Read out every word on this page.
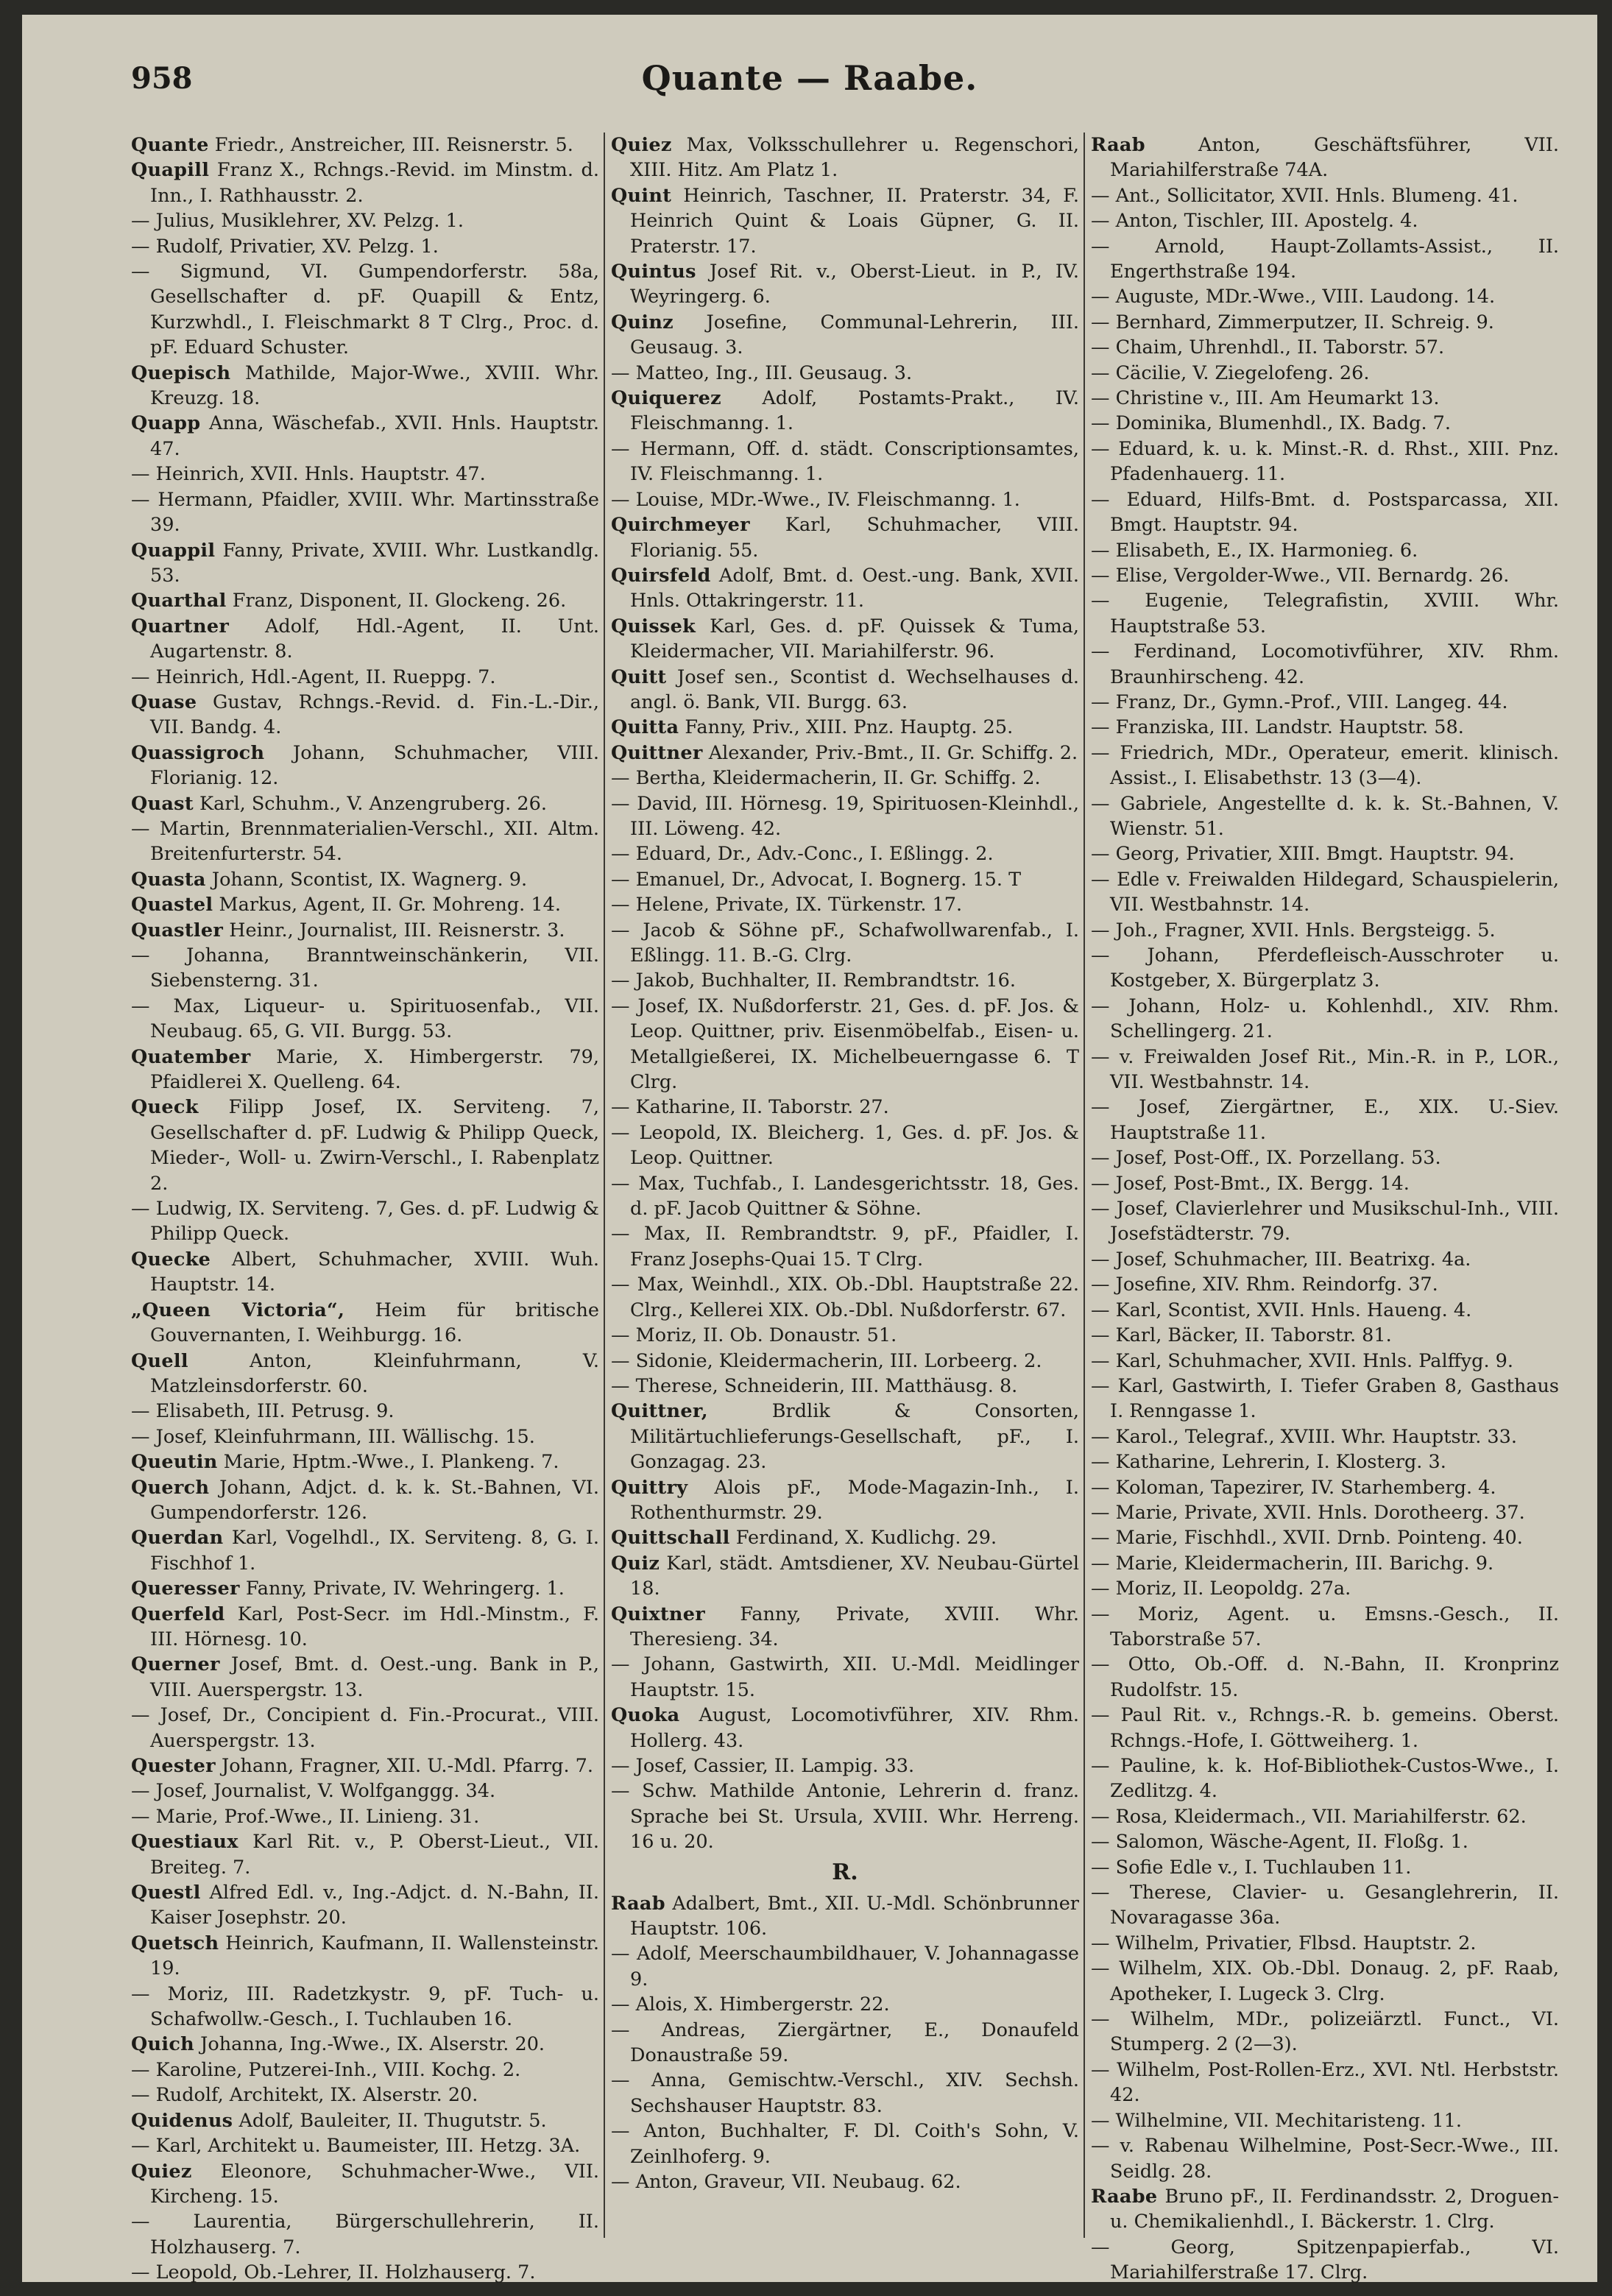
958	Quante — Raabe.
Quante Friedr., Anstreicher, III. Reisnerstr. 5.
Quapill Franz X., Rchngs.-Revid. im Minstm. d. Inn., I. Rathhausstr. 2.
— Julius, Musiklehrer, XV. Pelzg. 1.
— Rudolf, Privatier, XV. Pelzg. 1.
— Sigmund, VI. Gumpendorferstr. 58a, Gesellschafter d. pF. Quapill & Entz, Kurzwhdl., I. Fleischmarkt 8 T Clrg., Proc. d. pF. Eduard Schuster.
Quepisch Mathilde, Major-Wwe., XVIII. Whr. Kreuzg. 18.
Quapp Anna, Wäschefab., XVII. Hnls. Hauptstr. 47.
— Heinrich, XVII. Hnls. Hauptstr. 47.
— Hermann, Pfaidler, XVIII. Whr. Martinsstraße 39.
Quappil Fanny, Private, XVIII. Whr. Lustkandlg. 53.
Quarthal Franz, Disponent, II. Glockeng. 26.
Quartner Adolf, Hdl.-Agent, II. Unt. Augartenstr. 8.
— Heinrich, Hdl.-Agent, II. Rueppg. 7.
Quase Gustav, Rchngs.-Revid. d. Fin.-L.-Dir., VII. Bandg. 4.
Quassigroch Johann, Schuhmacher, VIII. Florianig. 12.
Quast Karl, Schuhm., V. Anzengruberg. 26.
— Martin, Brennmaterialien-Verschl., XII. Altm. Breitenfurterstr. 54.
Quasta Johann, Scontist, IX. Wagnerg. 9.
Quastel Markus, Agent, II. Gr. Mohreng. 14.
Quastler Heinr., Journalist, III. Reisnerstr. 3.
— Johanna, Branntweinschänkerin, VII. Siebensterng. 31.
— Max, Liqueur- u. Spirituosenfab., VII. Neubaug. 65, G. VII. Burgg. 53.
Quatember Marie, X. Himbergerstr. 79, Pfaidlerei X. Quelleng. 64.
Queck Filipp Josef, IX. Serviteng. 7, Gesellschafter d. pF. Ludwig & Philipp Queck, Mieder-, Woll- u. Zwirn-Verschl., I. Rabenplatz 2.
— Ludwig, IX. Serviteng. 7, Ges. d. pF. Ludwig & Philipp Queck.
Quecke Albert, Schuhmacher, XVIII. Wuh. Hauptstr. 14.
„Queen Victoria“, Heim für britische Gouvernanten, I. Weihburgg. 16.
Quell Anton, Kleinfuhrmann, V. Matzleinsdorferstr. 60.
— Elisabeth, III. Petrusg. 9.
— Josef, Kleinfuhrmann, III. Wällischg. 15.
Queutin Marie, Hptm.-Wwe., I. Plankeng. 7.
Querch Johann, Adjct. d. k. k. St.-Bahnen, VI. Gumpendorferstr. 126.
Querdan Karl, Vogelhdl., IX. Serviteng. 8, G. I. Fischhof 1.
Queresser Fanny, Private, IV. Wehringerg. 1.
Querfeld Karl, Post-Secr. im Hdl.-Minstm., F. III. Hörnesg. 10.
Querner Josef, Bmt. d. Oest.-ung. Bank in P., VIII. Auerspergstr. 13.
— Josef, Dr., Concipient d. Fin.-Procurat., VIII. Auerspergstr. 13.
Quester Johann, Fragner, XII. U.-Mdl. Pfarrg. 7.
— Josef, Journalist, V. Wolfganggg. 34.
— Marie, Prof.-Wwe., II. Linieng. 31.
Questiaux Karl Rit. v., P. Oberst-Lieut., VII. Breiteg. 7.
Questl Alfred Edl. v., Ing.-Adjct. d. N.-Bahn, II. Kaiser Josephstr. 20.
Quetsch Heinrich, Kaufmann, II. Wallensteinstr. 19.
— Moriz, III. Radetzkystr. 9, pF. Tuch- u. Schafwollw.-Gesch., I. Tuchlauben 16.
Quich Johanna, Ing.-Wwe., IX. Alserstr. 20.
— Karoline, Putzerei-Inh., VIII. Kochg. 2.
— Rudolf, Architekt, IX. Alserstr. 20.
Quidenus Adolf, Bauleiter, II. Thugutstr. 5.
— Karl, Architekt u. Baumeister, III. Hetzg. 3A.
Quiez Eleonore, Schuhmacher-Wwe., VII. Kircheng. 15.
— Laurentia, Bürgerschullehrerin, II. Holzhauserg. 7.
— Leopold, Ob.-Lehrer, II. Holzhauserg. 7.
Quiez Max, Volksschullehrer u. Regenschori, XIII. Hitz. Am Platz 1.
Quint Heinrich, Taschner, II. Praterstr. 34, F. Heinrich Quint & Loais Güpner, G. II. Praterstr. 17.
Quintus Josef Rit. v., Oberst-Lieut. in P., IV. Weyringerg. 6.
Quinz Josefine, Communal-Lehrerin, III. Geusaug. 3.
— Matteo, Ing., III. Geusaug. 3.
Quiquerez Adolf, Postamts-Prakt., IV. Fleischmanng. 1.
— Hermann, Off. d. städt. Conscriptionsamtes, IV. Fleischmanng. 1.
— Louise, MDr.-Wwe., IV. Fleischmanng. 1.
Quirchmeyer Karl, Schuhmacher, VIII. Florianig. 55.
Quirsfeld Adolf, Bmt. d. Oest.-ung. Bank, XVII. Hnls. Ottakringerstr. 11.
Quissek Karl, Ges. d. pF. Quissek & Tuma, Kleidermacher, VII. Mariahilferstr. 96.
Quitt Josef sen., Scontist d. Wechselhauses d. angl. ö. Bank, VII. Burgg. 63.
Quitta Fanny, Priv., XIII. Pnz. Hauptg. 25.
Quittner Alexander, Priv.-Bmt., II. Gr. Schiffg. 2.
— Bertha, Kleidermacherin, II. Gr. Schiffg. 2.
— David, III. Hörnesg. 19, Spirituosen-Kleinhdl., III. Löweng. 42.
— Eduard, Dr., Adv.-Conc., I. Eßlingg. 2.
— Emanuel, Dr., Advocat, I. Bognerg. 15. T
— Helene, Private, IX. Türkenstr. 17.
— Jacob & Söhne pF., Schafwollwarenfab., I. Eßlingg. 11. B.-G. Clrg.
— Jakob, Buchhalter, II. Rembrandtstr. 16.
— Josef, IX. Nußdorferstr. 21, Ges. d. pF. Jos. & Leop. Quittner, priv. Eisenmöbelfab., Eisen- u. Metallgießerei, IX. Michelbeuerngasse 6. T Clrg.
— Katharine, II. Taborstr. 27.
— Leopold, IX. Bleicherg. 1, Ges. d. pF. Jos. & Leop. Quittner.
— Max, Tuchfab., I. Landesgerichtsstr. 18, Ges. d. pF. Jacob Quittner & Söhne.
— Max, II. Rembrandtstr. 9, pF., Pfaidler, I. Franz Josephs-Quai 15. T Clrg.
— Max, Weinhdl., XIX. Ob.-Dbl. Hauptstraße 22. Clrg., Kellerei XIX. Ob.-Dbl. Nußdorferstr. 67.
— Moriz, II. Ob. Donaustr. 51.
— Sidonie, Kleidermacherin, III. Lorbeerg. 2.
— Therese, Schneiderin, III. Matthäusg. 8.
Quittner, Brdlik & Consorten, Militärtuchlieferungs-Gesellschaft, pF., I. Gonzagag. 23.
Quittry Alois pF., Mode-Magazin-Inh., I. Rothenthurmstr. 29.
Quittschall Ferdinand, X. Kudlichg. 29.
Quiz Karl, städt. Amtsdiener, XV. Neubau-Gürtel 18.
Quixtner Fanny, Private, XVIII. Whr. Theresieng. 34.
— Johann, Gastwirth, XII. U.-Mdl. Meidlinger Hauptstr. 15.
Quoka August, Locomotivführer, XIV. Rhm. Hollerg. 43.
— Josef, Cassier, II. Lampig. 33.
— Schw. Mathilde Antonie, Lehrerin d. franz. Sprache bei St. Ursula, XVIII. Whr. Herreng. 16 u. 20.
R.
Raab Adalbert, Bmt., XII. U.-Mdl. Schönbrunner Hauptstr. 106.
— Adolf, Meerschaumbildhauer, V. Johannagasse 9.
— Alois, X. Himbergerstr. 22.
— Andreas, Ziergärtner, E., Donaufeld Donaustraße 59.
— Anna, Gemischtw.-Verschl., XIV. Sechsh. Sechshauser Hauptstr. 83.
— Anton, Buchhalter, F. Dl. Coith's Sohn, V. Zeinlhoferg. 9.
— Anton, Graveur, VII. Neubaug. 62.
Raab Anton, Geschäftsführer, VII. Mariahilferstraße 74A.
— Ant., Sollicitator, XVII. Hnls. Blumeng. 41.
— Anton, Tischler, III. Apostelg. 4.
— Arnold, Haupt-Zollamts-Assist., II. Engerthstraße 194.
— Auguste, MDr.-Wwe., VIII. Laudong. 14.
— Bernhard, Zimmerputzer, II. Schreig. 9.
— Chaim, Uhrenhdl., II. Taborstr. 57.
— Cäcilie, V. Ziegelofeng. 26.
— Christine v., III. Am Heumarkt 13.
— Dominika, Blumenhdl., IX. Badg. 7.
— Eduard, k. u. k. Minst.-R. d. Rhst., XIII. Pnz. Pfadenhauerg. 11.
— Eduard, Hilfs-Bmt. d. Postsparcassa, XII. Bmgt. Hauptstr. 94.
— Elisabeth, E., IX. Harmonieg. 6.
— Elise, Vergolder-Wwe., VII. Bernardg. 26.
— Eugenie, Telegrafistin, XVIII. Whr. Hauptstraße 53.
— Ferdinand, Locomotivführer, XIV. Rhm. Braunhirscheng. 42.
— Franz, Dr., Gymn.-Prof., VIII. Langeg. 44.
— Franziska, III. Landstr. Hauptstr. 58.
— Friedrich, MDr., Operateur, emerit. klinisch. Assist., I. Elisabethstr. 13 (3—4).
— Gabriele, Angestellte d. k. k. St.-Bahnen, V. Wienstr. 51.
— Georg, Privatier, XIII. Bmgt. Hauptstr. 94.
— Edle v. Freiwalden Hildegard, Schauspielerin, VII. Westbahnstr. 14.
— Joh., Fragner, XVII. Hnls. Bergsteigg. 5.
— Johann, Pferdefleisch-Ausschroter u. Kostgeber, X. Bürgerplatz 3.
— Johann, Holz- u. Kohlenhdl., XIV. Rhm. Schellingerg. 21.
— v. Freiwalden Josef Rit., Min.-R. in P., LOR., VII. Westbahnstr. 14.
— Josef, Ziergärtner, E., XIX. U.-Siev. Hauptstraße 11.
— Josef, Post-Off., IX. Porzellang. 53.
— Josef, Post-Bmt., IX. Bergg. 14.
— Josef, Clavierlehrer und Musikschul-Inh., VIII. Josefstädterstr. 79.
— Josef, Schuhmacher, III. Beatrixg. 4a.
— Josefine, XIV. Rhm. Reindorfg. 37.
— Karl, Scontist, XVII. Hnls. Haueng. 4.
— Karl, Bäcker, II. Taborstr. 81.
— Karl, Schuhmacher, XVII. Hnls. Palffyg. 9.
— Karl, Gastwirth, I. Tiefer Graben 8, Gasthaus I. Renngasse 1.
— Karol., Telegraf., XVIII. Whr. Hauptstr. 33.
— Katharine, Lehrerin, I. Klosterg. 3.
— Koloman, Tapezirer, IV. Starhemberg. 4.
— Marie, Private, XVII. Hnls. Dorotheerg. 37.
— Marie, Fischhdl., XVII. Drnb. Pointeng. 40.
— Marie, Kleidermacherin, III. Barichg. 9.
— Moriz, II. Leopoldg. 27a.
— Moriz, Agent. u. Emsns.-Gesch., II. Taborstraße 57.
— Otto, Ob.-Off. d. N.-Bahn, II. Kronprinz Rudolfstr. 15.
— Paul Rit. v., Rchngs.-R. b. gemeins. Oberst. Rchngs.-Hofe, I. Göttweiherg. 1.
— Pauline, k. k. Hof-Bibliothek-Custos-Wwe., I. Zedlitzg. 4.
— Rosa, Kleidermach., VII. Mariahilferstr. 62.
— Salomon, Wäsche-Agent, II. Floßg. 1.
— Sofie Edle v., I. Tuchlauben 11.
— Therese, Clavier- u. Gesanglehrerin, II. Novaragasse 36a.
— Wilhelm, Privatier, Flbsd. Hauptstr. 2.
— Wilhelm, XIX. Ob.-Dbl. Donaug. 2, pF. Raab, Apotheker, I. Lugeck 3. Clrg.
— Wilhelm, MDr., polizeiärztl. Funct., VI. Stumperg. 2 (2—3).
— Wilhelm, Post-Rollen-Erz., XVI. Ntl. Herbststr. 42.
— Wilhelmine, VII. Mechitaristeng. 11.
— v. Rabenau Wilhelmine, Post-Secr.-Wwe., III. Seidlg. 28.
Raabe Bruno pF., II. Ferdinandsstr. 2, Droguen- u. Chemikalienhdl., I. Bäckerstr. 1. Clrg.
— Georg, Spitzenpapierfab., VI. Mariahilferstraße 17. Clrg.
